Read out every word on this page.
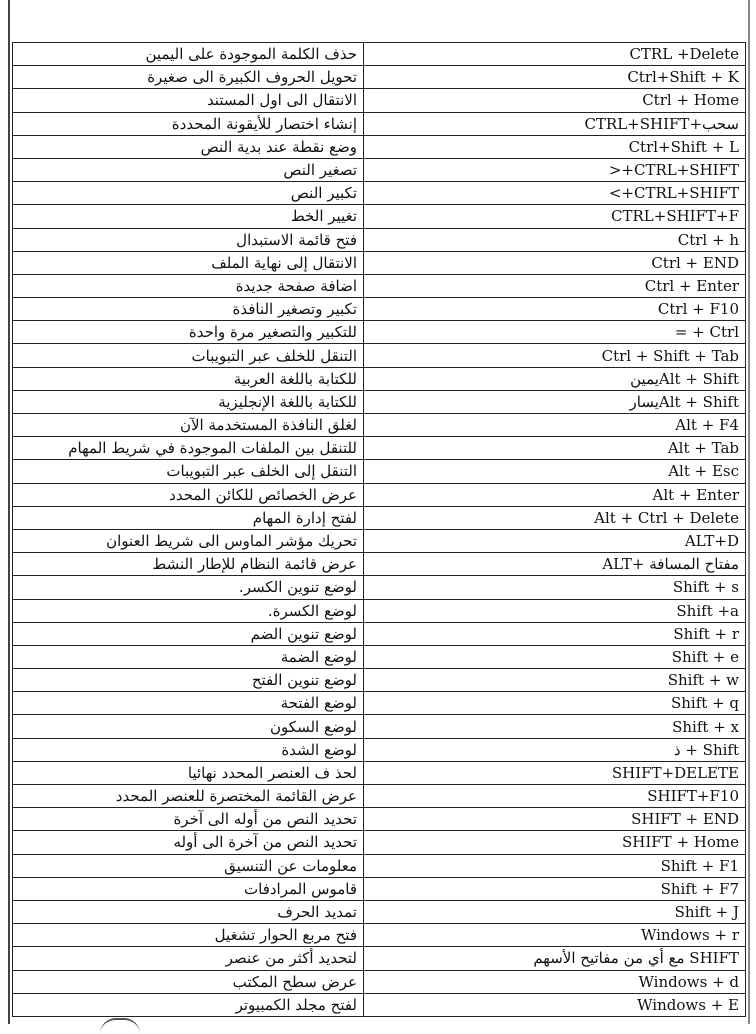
حذف الكلمة الموجودة على اليمين	CTRL +Delete
تحويل الحروف الكبيرة الى صغيرة	Ctrl+Shift + K
الانتقال الى اول المستند	Ctrl + Home
إنشاء اختصار للأيقونة المحددة	سحب+CTRL+SHIFT
وضع نقطة عند بدية النص	Ctrl+Shift + L
تصغير النص	CTRL+SHIFT+<
تكبير النص	CTRL+SHIFT+>
تغيير الخط	CTRL+SHIFT+F
فتح قائمة الاستبدال	Ctrl + h
الانتقال إلى نهاية الملف	Ctrl + END
اضافة صفحة جديدة	Ctrl + Enter
تكبير وتصغير النافذة	Ctrl + F10
للتكبير والتصغير مرة واحدة	Ctrl + =
التنقل للخلف عبر التبويبات	Ctrl + Shift + Tab
للكتابة باللغة العربية	Alt + Shiftيمين
للكتابة باللغة الإنجليزية	Alt + Shiftيسار
لغلق النافذة المستخدمة الآن	Alt + F4
للتنقل بين الملفات الموجودة في شريط المهام	Alt + Tab
التنقل إلى الخلف عبر التبويبات	Alt + Esc
عرض الخصائص للكائن المحدد	Alt + Enter
لفتح إدارة المهام	Alt + Ctrl + Delete
تحريك مؤشر الماوس الى شريط العنوان	ALT+D
عرض قائمة النظام للإطار النشط	مفتاح المسافة +ALT
لوضع تنوين الكسر.	Shift + s
لوضع الكسرة.	Shift +a
لوضع تنوين الضم	Shift + r
لوضع الضمة	Shift + e
لوضع تنوين الفتح	Shift + w
لوضع الفتحة	Shift + q
لوضع السكون	Shift + x
لوضع الشدة	Shift + ذ
لحذ ف العنصر المحدد نهائيا	SHIFT+DELETE
عرض القائمة المختصرة للعنصر المحدد	SHIFT+F10
تحديد النص من أوله الى آخرة	SHIFT + END
تحديد النص من آخرة الى أوله	SHIFT + Home
معلومات عن التنسيق	Shift + F1
قاموس المرادفات	Shift + F7
تمديد الحرف	Shift + J
فتح مربع الحوار تشغيل	Windows + r
لتحديد أكثر من عنصر	SHIFT مع أي من مفاتيح الأسهم
عرض سطح المكتب	Windows + d
لفتح مجلد الكمبيوتر	Windows + E
